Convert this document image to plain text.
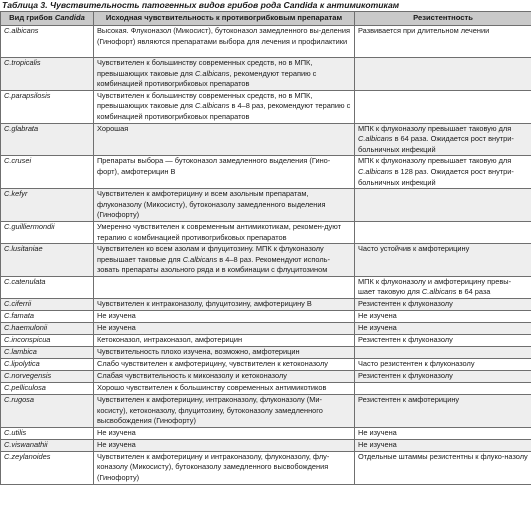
Таблица 3. Чувствительность патогенных видов грибов рода Candida к антимикотикам
Вид грибов Candida	Исходная чувствительность к противогрибковым препаратам	Резистентность
C.albicans	Высокая. Флуконазол (Микосист), бутоконазол замедленного вы-деления (Гинофорт) являются препаратами выбора для лечения и профилактики	Развивается при длительном лечении
C.tropicalis	Чувствителен к большинству современных средств, но в МПК, превышающих таковые для C.albicans, рекомендуют терапию с комбинацией противогрибковых препаратов	
C.parapsilosis	Чувствителен к большинству современных средств, но в МПК, превышающих таковые для C.albicans в 4–8 раз, рекомендуют терапию с комбинацией противогрибковых препаратов	
C.glabrata	Хорошая	МПК к флуконазолу превышает таковую для C.albicans в 64 раза. Ожидается рост внутри-больничных инфекций
C.crusei	Препараты выбора — бутоконазол замедленного выделения (Гино-форт), амфотерицин В	МПК к флуконазолу превышает таковую для C.albicans в 128 раз. Ожидается рост внутри-больничных инфекций
C.kefyr	Чувствителен к амфотерицину и всем азольным препаратам, флуконазолу (Микосисту), бутоконазолу замедленного выделения (Гинофорту)	
C.guilliermondii	Умеренно чувствителен к современным антимикотикам, рекомен-дуют терапию с комбинацией противогрибковых препаратов	
C.lusitaniae	Чувствителен ко всем азолам и флуцитозину. МПК к флуконазолу превышает таковые для C.albicans в 4–8 раз. Рекомендуют исполь-зовать препараты азольного ряда и в комбинации с флуцитозином	Часто устойчив к амфотерицину
C.catenulata		МПК к флуконазолу и амфотерицину превы-шает таковую для C.albicans в 64 раза
C.ciferrii	Чувствителен к интраконазолу, флуцитозину, амфотерицину В	Резистентен к флуконазолу
C.famata	Не изучена	Не изучена
C.haemulonii	Не изучена	Не изучена
C.inconspicua	Кетоконазол, интраконазол, амфотерицин	Резистентен к флуконазолу
C.lambica	Чувствительность плохо изучена, возможно, амфотерицин	
C.lipolytica	Слабо чувствителен к амфотерицину, чувствителен к кетоконазолу	Часто резистентен к флуконазолу
C.norvegensis	Слабая чувствительность к миконазолу и кетоконазолу	Резистентен к флуконазолу
C.pelliculosa	Хорошо чувствителен к большинству современных антимикотиков	
C.rugosa	Чувствителен к амфотерицину, интраконазолу, флуконазолу (Ми-косисту), кетоконазолу, флуцитозину, бутоконазолу замедленного высвобождения (Гинофорту)	Резистентен к амфотерицину
C.utilis	Не изучена	Не изучена
C.viswanathii	Не изучена	Не изучена
C.zeylanoides	Чувствителен к амфотерицину и интраконазолу, флуконазолу, флу-коназолу (Микосисту), бутоконазолу замедленного высвобождения (Гинофорту)	Отдельные штаммы резистентны к флуко-назолу
